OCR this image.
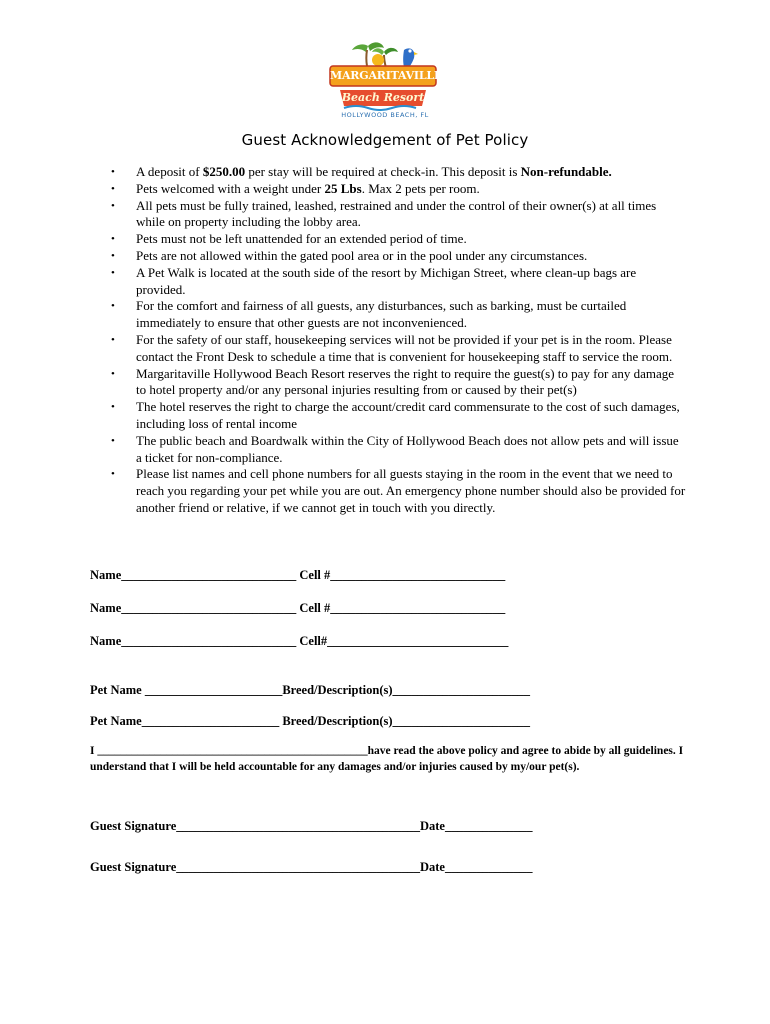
MARGARITAVILLE
Beach Resort
HOLLYWOOD BEACH, FL
Guest Acknowledgement of Pet Policy
• A deposit of $250.00 per stay will be required at check-in. This deposit is Non-refundable.
• Pets welcomed with a weight under 25 Lbs. Max 2 pets per room.
• All pets must be fully trained, leashed, restrained and under the control of their owner(s) at all times while on property including the lobby area.
• Pets must not be left unattended for an extended period of time.
• Pets are not allowed within the gated pool area or in the pool under any circumstances.
• A Pet Walk is located at the south side of the resort by Michigan Street, where clean-up bags are provided.
• For the comfort and fairness of all guests, any disturbances, such as barking, must be curtailed immediately to ensure that other guests are not inconvenienced.
• For the safety of our staff, housekeeping services will not be provided if your pet is in the room. Please contact the Front Desk to schedule a time that is convenient for housekeeping staff to service the room.
• Margaritaville Hollywood Beach Resort reserves the right to require the guest(s) to pay for any damage to hotel property and/or any personal injuries resulting from or caused by their pet(s)
• The hotel reserves the right to charge the account/credit card commensurate to the cost of such damages, including loss of rental income
• The public beach and Boardwalk within the City of Hollywood Beach does not allow pets and will issue a ticket for non-compliance.
• Please list names and cell phone numbers for all guests staying in the room in the event that we need to reach you regarding your pet while you are out. An emergency phone number should also be provided for another friend or relative, if we cannot get in touch with you directly.
Name____________________________ Cell #____________________________
Name____________________________ Cell #____________________________
Name____________________________ Cell#_____________________________
Pet Name ______________________Breed/Description(s)______________________
Pet Name______________________ Breed/Description(s)______________________
I _______________________________________________have read the above policy and agree to abide by all guidelines. I understand that I will be held accountable for any damages and/or injuries caused by my/our pet(s).
Guest Signature_______________________________________Date______________
Guest Signature_______________________________________Date______________
